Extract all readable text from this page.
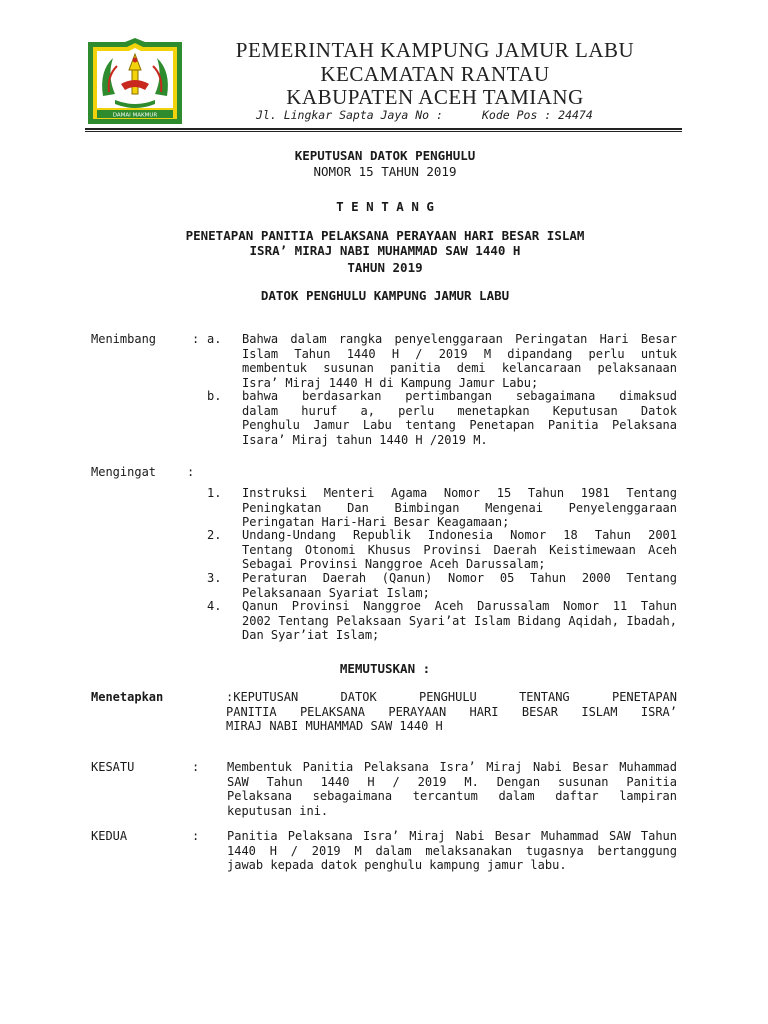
DAMAI MAKMUR
PEMERINTAH KAMPUNG JAMUR LABU
KECAMATAN RANTAU
KABUPATEN ACEH TAMIANG
Jl. Lingkar Sapta Jaya No :	Kode Pos : 24474
KEPUTUSAN DATOK PENGHULU
NOMOR 15 TAHUN 2019
T E N T A N G
PENETAPAN PANITIA PELAKSANA PERAYAAN HARI BESAR ISLAM
ISRA’ MIRAJ NABI MUHAMMAD SAW 1440 H
TAHUN 2019
DATOK PENGHULU KAMPUNG JAMUR LABU
Menimbang	: a. Bahwa dalam rangka penyelenggaraan Peringatan Hari Besar
Islam Tahun 1440 H / 2019 M dipandang perlu untuk
membentuk susunan panitia demi kelancaraan pelaksanaan
Isra’ Miraj 1440 H di Kampung Jamur Labu;
b. bahwa berdasarkan pertimbangan sebagaimana dimaksud
dalam huruf a, perlu menetapkan Keputusan Datok
Penghulu Jamur Labu tentang Penetapan Panitia Pelaksana
Isara’ Miraj tahun 1440 H /2019 M.
Mengingat	:
1. Instruksi Menteri Agama Nomor 15 Tahun 1981 Tentang
Peningkatan Dan Bimbingan Mengenai Penyelenggaraan
Peringatan Hari-Hari Besar Keagamaan;
2. Undang-Undang Republik Indonesia Nomor 18 Tahun 2001
Tentang Otonomi Khusus Provinsi Daerah Keistimewaan Aceh
Sebagai Provinsi Nanggroe Aceh Darussalam;
3. Peraturan Daerah (Qanun) Nomor 05 Tahun 2000 Tentang
Pelaksanaan Syariat Islam;
4. Qanun Provinsi Nanggroe Aceh Darussalam Nomor 11 Tahun
2002 Tentang Pelaksaan Syari’at Islam Bidang Aqidah, Ibadah,
Dan Syar’iat Islam;
MEMUTUSKAN :
Menetapkan	:KEPUTUSAN DATOK PENGHULU TENTANG PENETAPAN
PANITIA PELAKSANA PERAYAAN HARI BESAR ISLAM ISRA’
MIRAJ NABI MUHAMMAD SAW 1440 H
KESATU	: Membentuk Panitia Pelaksana Isra’ Miraj Nabi Besar Muhammad
SAW Tahun 1440 H / 2019 M. Dengan susunan Panitia
Pelaksana sebagaimana tercantum dalam daftar lampiran
keputusan ini.
KEDUA	: Panitia Pelaksana Isra’ Miraj Nabi Besar Muhammad SAW Tahun
1440 H / 2019 M dalam melaksanakan tugasnya bertanggung
jawab kepada datok penghulu kampung jamur labu.
